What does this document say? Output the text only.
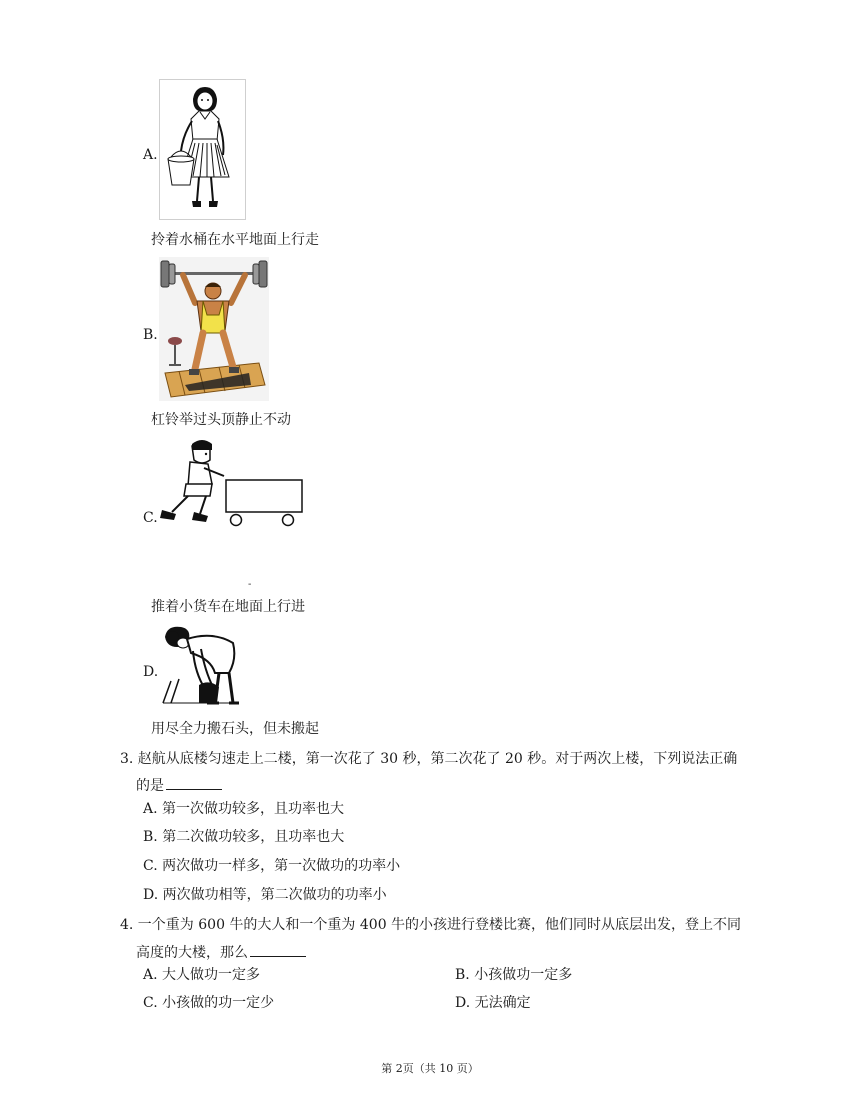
A.
拎着水桶在水平地面上行走
B.
杠铃举过头顶静止不动
C.
-
推着小货车在地面上行进
D.
用尽全力搬石头，但未搬起
3. 赵航从底楼匀速走上二楼，第一次花了 30 秒，第二次花了 20 秒。对于两次上楼，下列说法正确
的是
A. 第一次做功较多，且功率也大
B. 第二次做功较多，且功率也大
C. 两次做功一样多，第一次做功的功率小
D. 两次做功相等，第二次做功的功率小
4. 一个重为 600 牛的大人和一个重为 400 牛的小孩进行登楼比赛，他们同时从底层出发，登上不同
高度的大楼，那么
A. 大人做功一定多	B. 小孩做功一定多
C. 小孩做的功一定少	D. 无法确定
第 2页（共 10 页）
